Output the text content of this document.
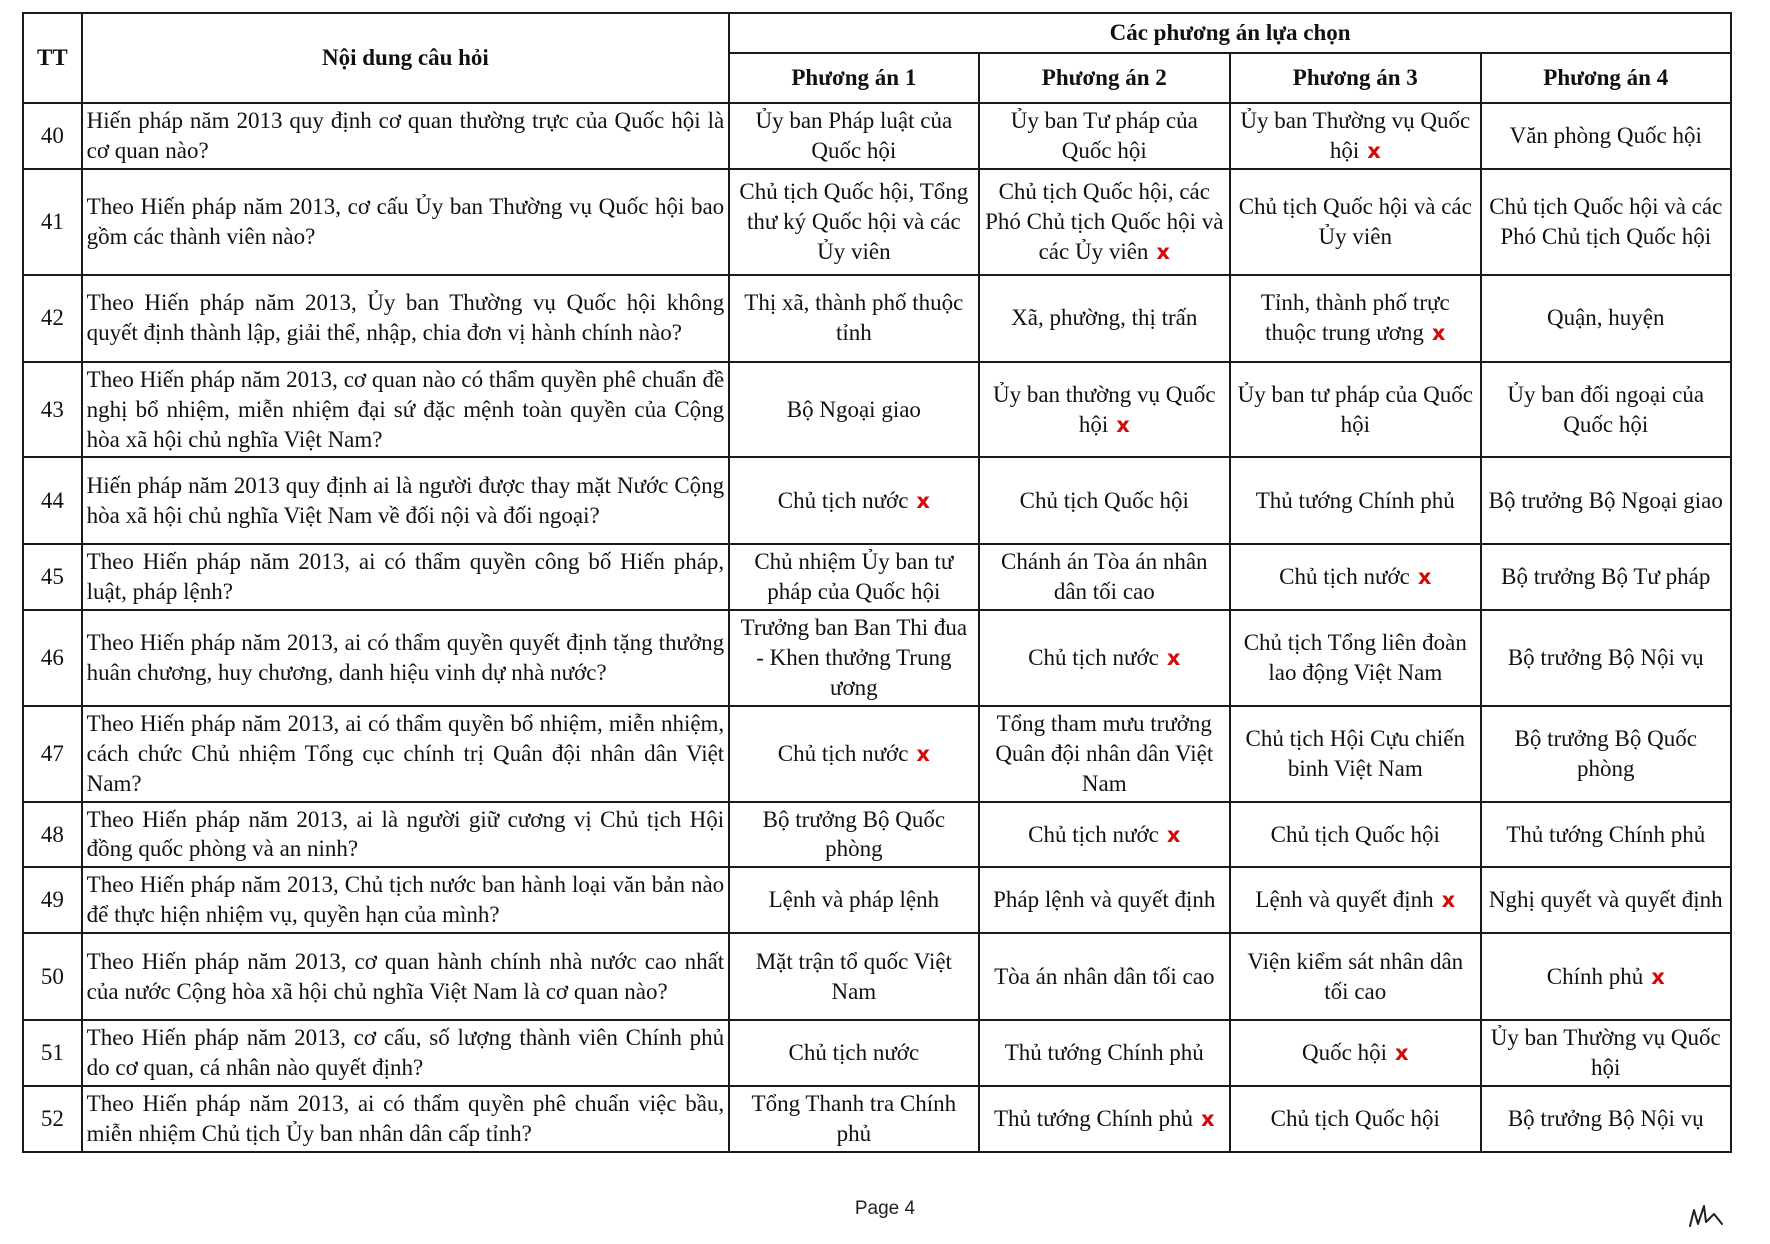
TT	Nội dung câu hỏi	Các phương án lựa chọn			
		Phương án 1	Phương án 2	Phương án 3	Phương án 4
40	Hiến pháp năm 2013 quy định cơ quan thường trực của Quốc hội là cơ quan nào?	Ủy ban Pháp luật của Quốc hội	Ủy ban Tư pháp của Quốc hội	Ủy ban Thường vụ Quốc hội x	Văn phòng Quốc hội
41	Theo Hiến pháp năm 2013, cơ cấu Ủy ban Thường vụ Quốc hội bao gồm các thành viên nào?	Chủ tịch Quốc hội, Tổng thư ký Quốc hội và các Ủy viên	Chủ tịch Quốc hội, các Phó Chủ tịch Quốc hội và các Ủy viên x	Chủ tịch Quốc hội và các Ủy viên	Chủ tịch Quốc hội và các Phó Chủ tịch Quốc hội
42	Theo Hiến pháp năm 2013, Ủy ban Thường vụ Quốc hội không quyết định thành lập, giải thể, nhập, chia đơn vị hành chính nào?	Thị xã, thành phố thuộc tỉnh	Xã, phường, thị trấn	Tỉnh, thành phố trực thuộc trung ương x	Quận, huyện
43	Theo Hiến pháp năm 2013, cơ quan nào có thẩm quyền phê chuẩn đề nghị bổ nhiệm, miễn nhiệm đại sứ đặc mệnh toàn quyền của Cộng hòa xã hội chủ nghĩa Việt Nam?	Bộ Ngoại giao	Ủy ban thường vụ Quốc hội x	Ủy ban tư pháp của Quốc hội	Ủy ban đối ngoại của Quốc hội
44	Hiến pháp năm 2013 quy định ai là người được thay mặt Nước Cộng hòa xã hội chủ nghĩa Việt Nam về đối nội và đối ngoại?	Chủ tịch nước x	Chủ tịch Quốc hội	Thủ tướng Chính phủ	Bộ trưởng Bộ Ngoại giao
45	Theo Hiến pháp năm 2013, ai có thẩm quyền công bố Hiến pháp, luật, pháp lệnh?	Chủ nhiệm Ủy ban tư pháp của Quốc hội	Chánh án Tòa án nhân dân tối cao	Chủ tịch nước x	Bộ trưởng Bộ Tư pháp
46	Theo Hiến pháp năm 2013, ai có thẩm quyền quyết định tặng thưởng huân chương, huy chương, danh hiệu vinh dự nhà nước?	Trưởng ban Ban Thi đua - Khen thưởng Trung ương	Chủ tịch nước x	Chủ tịch Tổng liên đoàn lao động Việt Nam	Bộ trưởng Bộ Nội vụ
47	Theo Hiến pháp năm 2013, ai có thẩm quyền bổ nhiệm, miễn nhiệm, cách chức Chủ nhiệm Tổng cục chính trị Quân đội nhân dân Việt Nam?	Chủ tịch nước x	Tổng tham mưu trưởng Quân đội nhân dân Việt Nam	Chủ tịch Hội Cựu chiến binh Việt Nam	Bộ trưởng Bộ Quốc phòng
48	Theo Hiến pháp năm 2013, ai là người giữ cương vị Chủ tịch Hội đồng quốc phòng và an ninh?	Bộ trưởng Bộ Quốc phòng	Chủ tịch nước x	Chủ tịch Quốc hội	Thủ tướng Chính phủ
49	Theo Hiến pháp năm 2013, Chủ tịch nước ban hành loại văn bản nào để thực hiện nhiệm vụ, quyền hạn của mình?	Lệnh và pháp lệnh	Pháp lệnh và quyết định	Lệnh và quyết định x	Nghị quyết và quyết định
50	Theo Hiến pháp năm 2013, cơ quan hành chính nhà nước cao nhất của nước Cộng hòa xã hội chủ nghĩa Việt Nam là cơ quan nào?	Mặt trận tổ quốc Việt Nam	Tòa án nhân dân tối cao	Viện kiểm sát nhân dân tối cao	Chính phủ x
51	Theo Hiến pháp năm 2013, cơ cấu, số lượng thành viên Chính phủ do cơ quan, cá nhân nào quyết định?	Chủ tịch nước	Thủ tướng Chính phủ	Quốc hội x	Ủy ban Thường vụ Quốc hội
52	Theo Hiến pháp năm 2013, ai có thẩm quyền phê chuẩn việc bầu, miễn nhiệm Chủ tịch Ủy ban nhân dân cấp tỉnh?	Tổng Thanh tra Chính phủ	Thủ tướng Chính phủ x	Chủ tịch Quốc hội	Bộ trưởng Bộ Nội vụ
Page 4
